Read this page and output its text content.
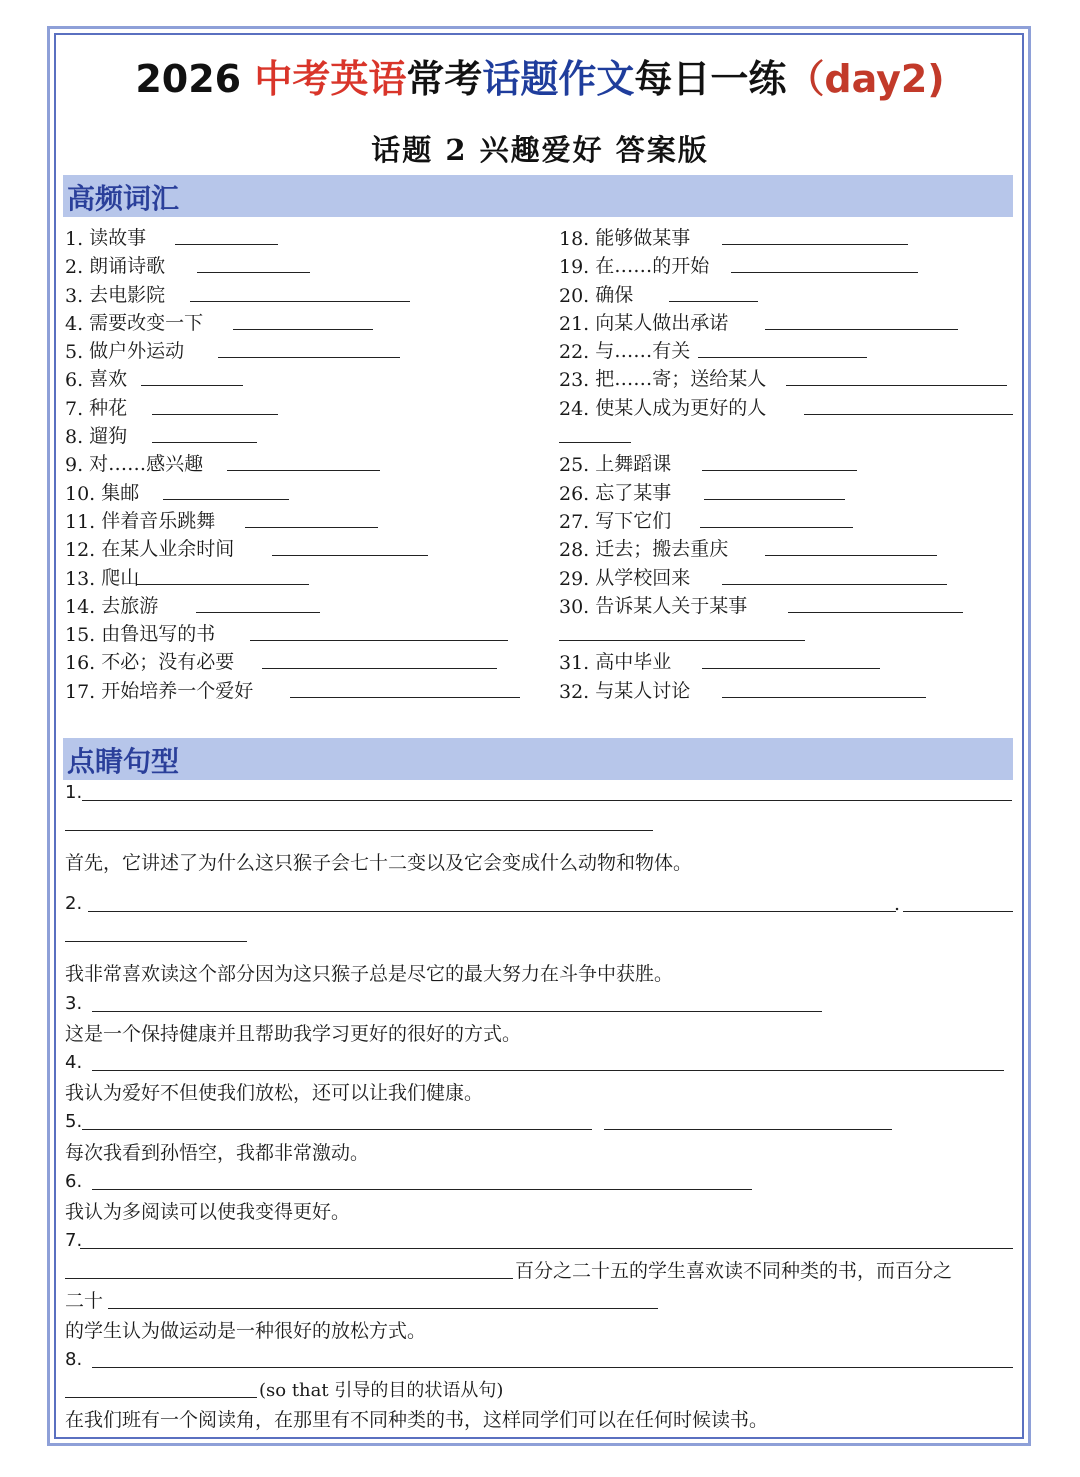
2026 中考英语常考话题作文每日一练（day2)
话题 2 兴趣爱好 答案版
高频词汇
1. 读故事
2. 朗诵诗歌
3. 去电影院
4. 需要改变一下
5. 做户外运动
6. 喜欢
7. 种花
8. 遛狗
9. 对……感兴趣
10. 集邮
11. 伴着音乐跳舞
12. 在某人业余时间
13. 爬山
14. 去旅游
15. 由鲁迅写的书
16. 不必；没有必要
17. 开始培养一个爱好
18. 能够做某事
19. 在……的开始
20. 确保
21. 向某人做出承诺
22. 与……有关
23. 把……寄；送给某人
24. 使某人成为更好的人
25. 上舞蹈课
26. 忘了某事
27. 写下它们
28. 迁去；搬去重庆
29. 从学校回来
30. 告诉某人关于某事
31. 高中毕业
32. 与某人讨论
点睛句型
1.
首先，它讲述了为什么这只猴子会七十二变以及它会变成什么动物和物体。
2.	.
我非常喜欢读这个部分因为这只猴子总是尽它的最大努力在斗争中获胜。
3.
这是一个保持健康并且帮助我学习更好的很好的方式。
4.
我认为爱好不但使我们放松，还可以让我们健康。
5.
每次我看到孙悟空，我都非常激动。
6.
我认为多阅读可以使我变得更好。
7.
百分之二十五的学生喜欢读不同种类的书，而百分之
二十
的学生认为做运动是一种很好的放松方式。
8.
(so that 引导的目的状语从句)
在我们班有一个阅读角，在那里有不同种类的书，这样同学们可以在任何时候读书。
